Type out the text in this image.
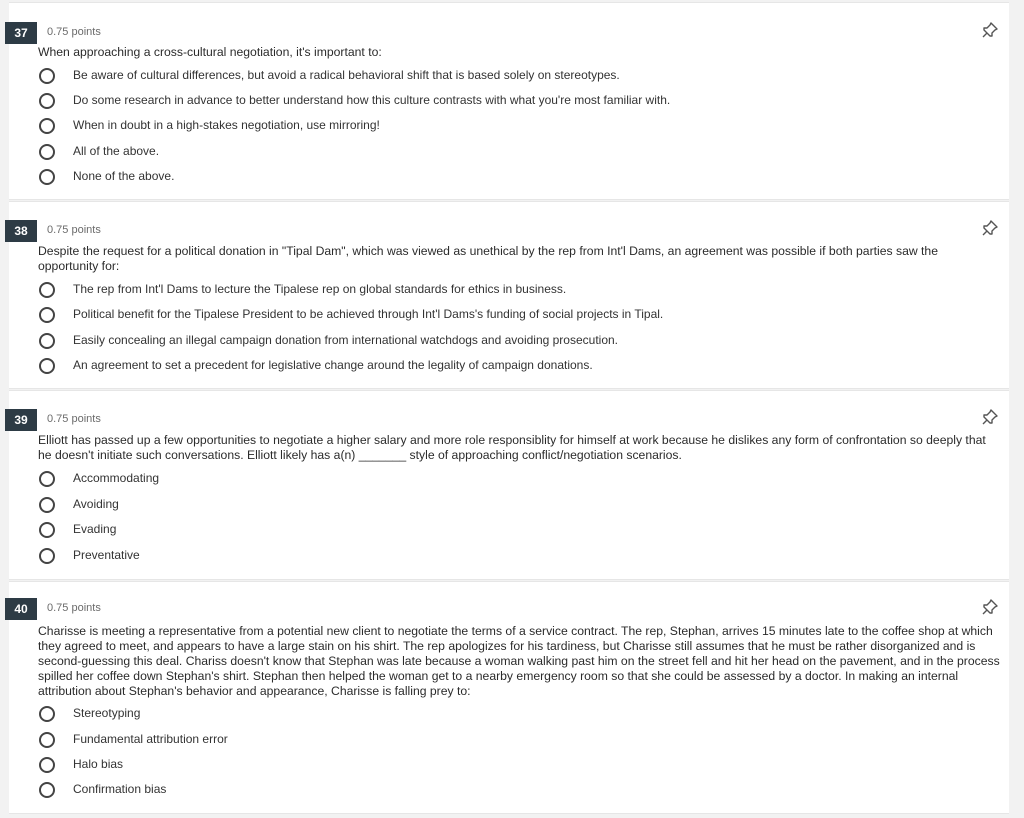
37	0.75 points
When approaching a cross-cultural negotiation, it's important to:
Be aware of cultural differences, but avoid a radical behavioral shift that is based solely on stereotypes.
Do some research in advance to better understand how this culture contrasts with what you're most familiar with.
When in doubt in a high-stakes negotiation, use mirroring!
All of the above.
None of the above.
38	0.75 points
Despite the request for a political donation in "Tipal Dam", which was viewed as unethical by the rep from Int'l Dams, an agreement was possible if both parties saw the opportunity for:
The rep from Int'l Dams to lecture the Tipalese rep on global standards for ethics in business.
Political benefit for the Tipalese President to be achieved through Int'l Dams's funding of social projects in Tipal.
Easily concealing an illegal campaign donation from international watchdogs and avoiding prosecution.
An agreement to set a precedent for legislative change around the legality of campaign donations.
39	0.75 points
Elliott has passed up a few opportunities to negotiate a higher salary and more role responsiblity for himself at work because he dislikes any form of confrontation so deeply that he doesn't initiate such conversations. Elliott likely has a(n) _______ style of approaching conflict/negotiation scenarios.
Accommodating
Avoiding
Evading
Preventative
40	0.75 points
Charisse is meeting a representative from a potential new client to negotiate the terms of a service contract. The rep, Stephan, arrives 15 minutes late to the coffee shop at which they agreed to meet, and appears to have a large stain on his shirt. The rep apologizes for his tardiness, but Charisse still assumes that he must be rather disorganized and is second-guessing this deal. Chariss doesn't know that Stephan was late because a woman walking past him on the street fell and hit her head on the pavement, and in the process spilled her coffee down Stephan's shirt. Stephan then helped the woman get to a nearby emergency room so that she could be assessed by a doctor. In making an internal attribution about Stephan's behavior and appearance, Charisse is falling prey to:
Stereotyping
Fundamental attribution error
Halo bias
Confirmation bias
